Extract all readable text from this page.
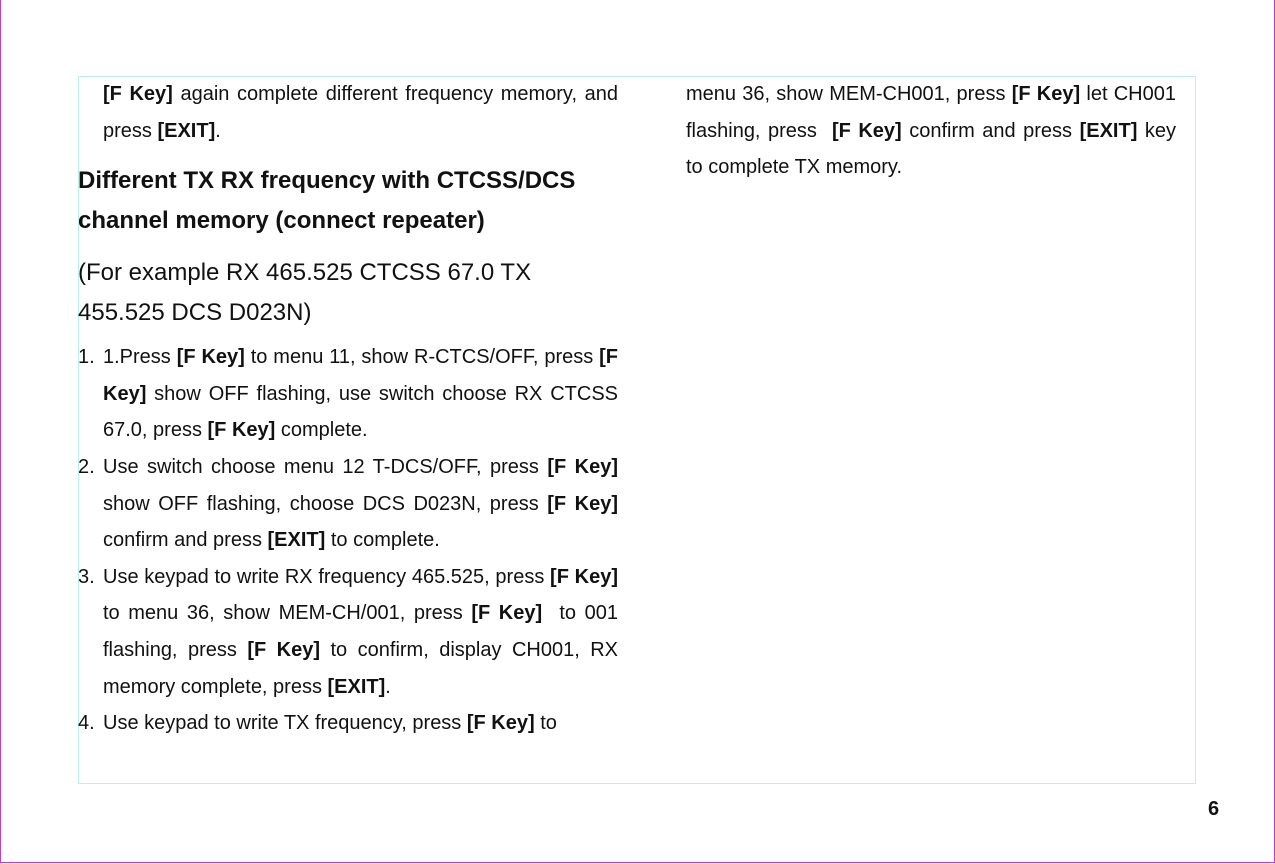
[F Key] again complete different frequency memory, and press [EXIT].

Different TX RX frequency with CTCSS/DCS channel memory (connect repeater)

(For example RX 465.525 CTCSS 67.0 TX 455.525 DCS D023N)

1. 1.Press [F Key] to menu 11, show R-CTCS/OFF, press [F Key] show OFF flashing, use switch choose RX CTCSS 67.0, press [F Key] complete.
2. Use switch choose menu 12 T-DCS/OFF, press [F Key] show OFF flashing, choose DCS D023N, press [F Key] confirm and press [EXIT] to complete.
3. Use keypad to write RX frequency 465.525, press [F Key] to menu 36, show MEM-CH/001, press [F Key]  to 001 flashing, press [F Key] to confirm, display CH001, RX memory complete, press [EXIT].
4. Use keypad to write TX frequency, press [F Key] to

menu 36, show MEM-CH001, press [F Key] let CH001 flashing, press  [F Key] confirm and press [EXIT] key to complete TX memory.

6
